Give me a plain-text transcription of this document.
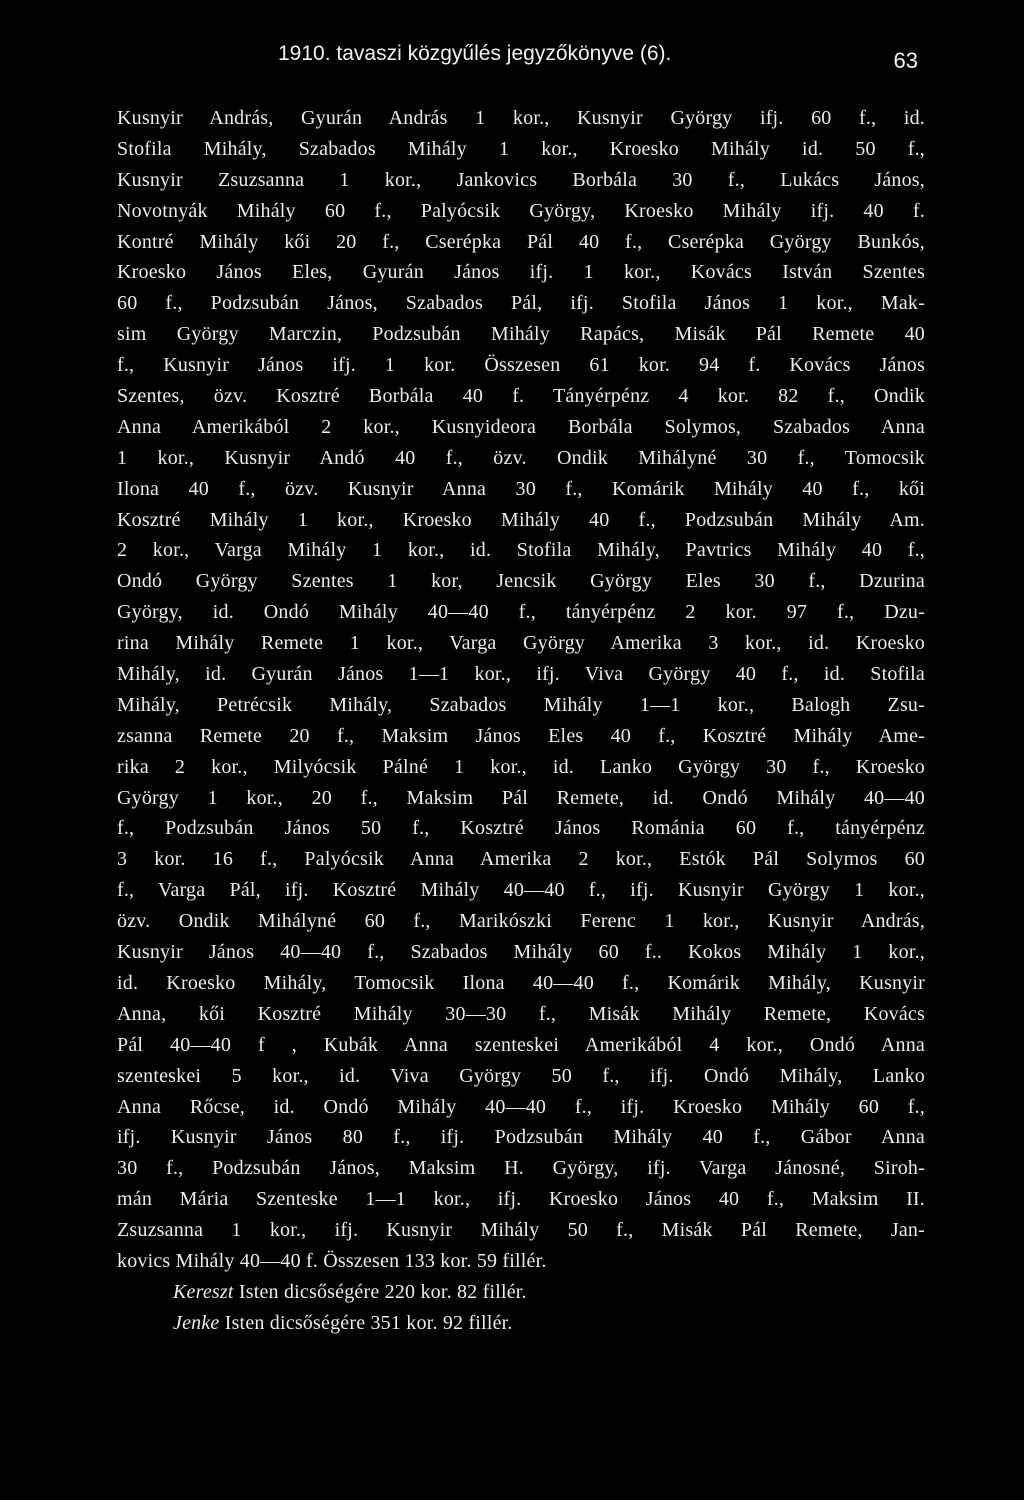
1910. tavaszi közgyűlés jegyzőkönyve (6).	63
Kusnyir András, Gyurán András 1 kor., Kusnyir György ifj. 60 f., id.
Stofila Mihály, Szabados Mihály 1 kor., Kroesko Mihály id. 50 f.,
Kusnyir Zsuzsanna 1 kor., Jankovics Borbála 30 f., Lukács János,
Novotnyák Mihály 60 f., Palyócsik György, Kroesko Mihály ifj. 40 f.
Kontré Mihály kői 20 f., Cserépka Pál 40 f., Cserépka György Bunkós,
Kroesko János Eles, Gyurán János ifj. 1 kor., Kovács István Szentes
60 f., Podzsubán János, Szabados Pál, ifj. Stofila János 1 kor., Mak-
sim György Marczin, Podzsubán Mihály Rapács, Misák Pál Remete 40
f., Kusnyir János ifj. 1 kor. Összesen 61 kor. 94 f. Kovács János
Szentes, özv. Kosztré Borbála 40 f. Tányérpénz 4 kor. 82 f., Ondik
Anna Amerikából 2 kor., Kusnyideora Borbála Solymos, Szabados Anna
1 kor., Kusnyir Andó 40 f., özv. Ondik Mihályné 30 f., Tomocsik
Ilona 40 f., özv. Kusnyir Anna 30 f., Komárik Mihály 40 f., kői
Kosztré Mihály 1 kor., Kroesko Mihály 40 f., Podzsubán Mihály Am.
2 kor., Varga Mihály 1 kor., id. Stofila Mihály, Pavtrics Mihály 40 f.,
Ondó György Szentes 1 kor, Jencsik György Eles 30 f., Dzurina
György, id. Ondó Mihály 40—40 f., tányérpénz 2 kor. 97 f., Dzu-
rina Mihály Remete 1 kor., Varga György Amerika 3 kor., id. Kroesko
Mihály, id. Gyurán János 1—1 kor., ifj. Viva György 40 f., id. Stofila
Mihály, Petrécsik Mihály, Szabados Mihály 1—1 kor., Balogh Zsu-
zsanna Remete 20 f., Maksim János Eles 40 f., Kosztré Mihály Ame-
rika 2 kor., Milyócsik Pálné 1 kor., id. Lanko György 30 f., Kroesko
György 1 kor., 20 f., Maksim Pál Remete, id. Ondó Mihály 40—40
f., Podzsubán János 50 f., Kosztré János Románia 60 f., tányérpénz
3 kor. 16 f., Palyócsik Anna Amerika 2 kor., Estók Pál Solymos 60
f., Varga Pál, ifj. Kosztré Mihály 40—40 f., ifj. Kusnyir György 1 kor.,
özv. Ondik Mihályné 60 f., Marikószki Ferenc 1 kor., Kusnyir András,
Kusnyir János 40—40 f., Szabados Mihály 60 f.. Kokos Mihály 1 kor.,
id. Kroesko Mihály, Tomocsik Ilona 40—40 f., Komárik Mihály, Kusnyir
Anna, kői Kosztré Mihály 30—30 f., Misák Mihály Remete, Kovács
Pál 40—40 f , Kubák Anna szenteskei Amerikából 4 kor., Ondó Anna
szenteskei 5 kor., id. Viva György 50 f., ifj. Ondó Mihály, Lanko
Anna Rőcse, id. Ondó Mihály 40—40 f., ifj. Kroesko Mihály 60 f.,
ifj. Kusnyir János 80 f., ifj. Podzsubán Mihály 40 f., Gábor Anna
30 f., Podzsubán János, Maksim H. György, ifj. Varga Jánosné, Siroh-
mán Mária Szenteske 1—1 kor., ifj. Kroesko János 40 f., Maksim II.
Zsuzsanna 1 kor., ifj. Kusnyir Mihály 50 f., Misák Pál Remete, Jan-
kovics Mihály 40—40 f. Összesen 133 kor. 59 fillér.
Kereszt Isten dicsőségére 220 kor. 82 fillér.
Jenke Isten dicsőségére 351 kor. 92 fillér.
